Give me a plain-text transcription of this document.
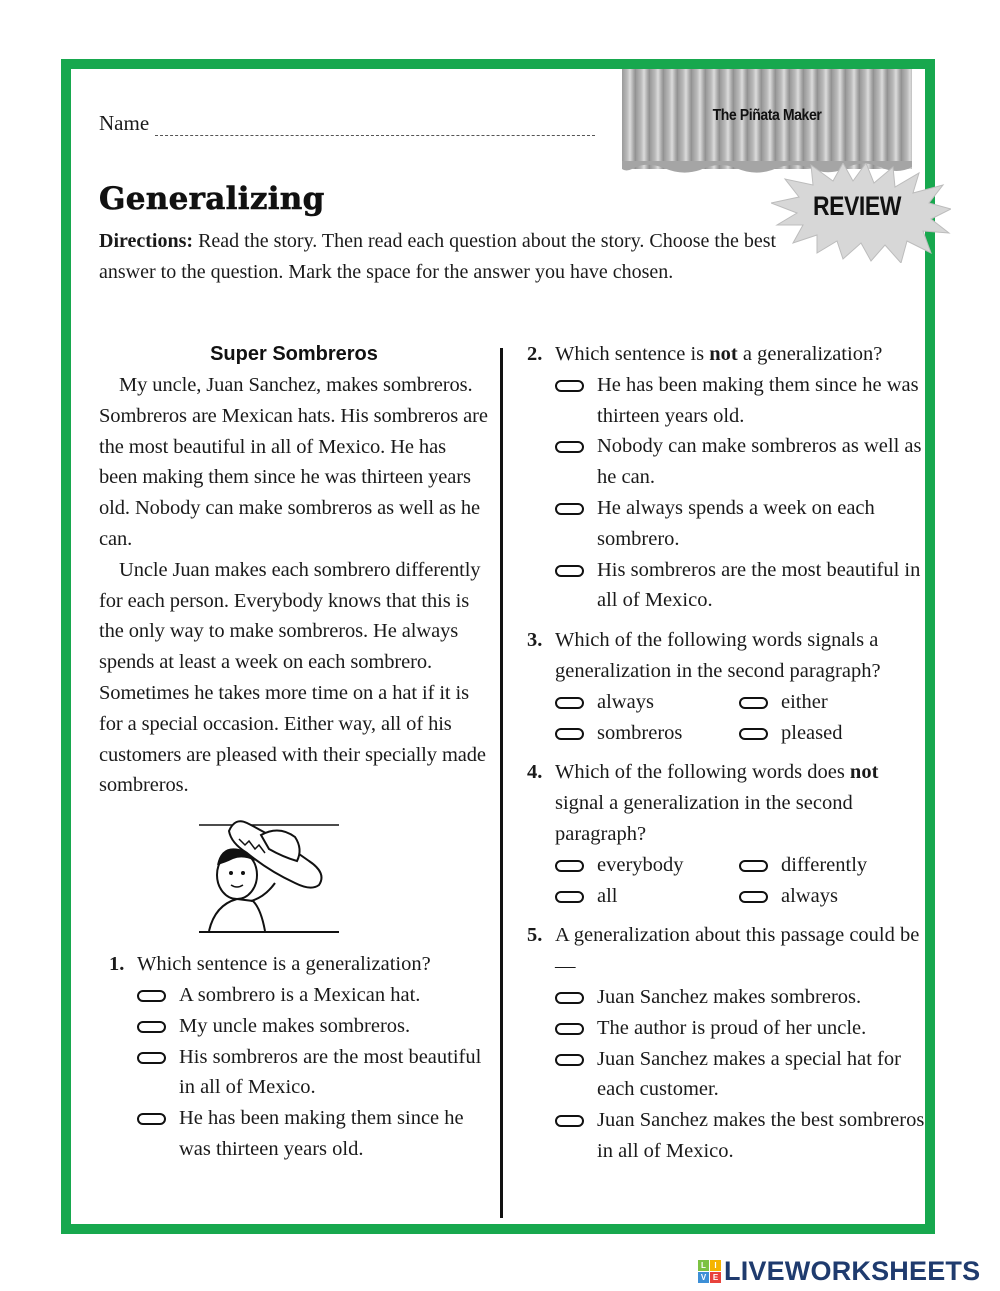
Name	The Piñata Maker
REVIEW
Generalizing
Directions: Read the story. Then read each question about the story. Choose the best answer to the question. Mark the space for the answer you have chosen.
Super Sombreros

My uncle, Juan Sanchez, makes sombreros. Sombreros are Mexican hats. His sombreros are the most beautiful in all of Mexico. He has been making them since he was thirteen years old. Nobody can make sombreros as well as he can.

Uncle Juan makes each sombrero differently for each person. Everybody knows that this is the only way to make sombreros. He always spends at least a week on each sombrero. Sometimes he takes more time on a hat if it is for a special occasion. Either way, all of his customers are pleased with their specially made sombreros.

1. Which sentence is a generalization?
A sombrero is a Mexican hat.
My uncle makes sombreros.
His sombreros are the most beautiful in all of Mexico.
He has been making them since he was thirteen years old.
2. Which sentence is not a generalization?
He has been making them since he was thirteen years old.
Nobody can make sombreros as well as he can.
He always spends a week on each sombrero.
His sombreros are the most beautiful in all of Mexico.
3. Which of the following words signals a generalization in the second paragraph?
always	either
sombreros	pleased
4. Which of the following words does not signal a generalization in the second paragraph?
everybody	differently
all	always
5. A generalization about this passage could be—
Juan Sanchez makes sombreros.
The author is proud of her uncle.
Juan Sanchez makes a special hat for each customer.
Juan Sanchez makes the best sombreros in all of Mexico.
L	I
V E LIVEWORKSHEETS
